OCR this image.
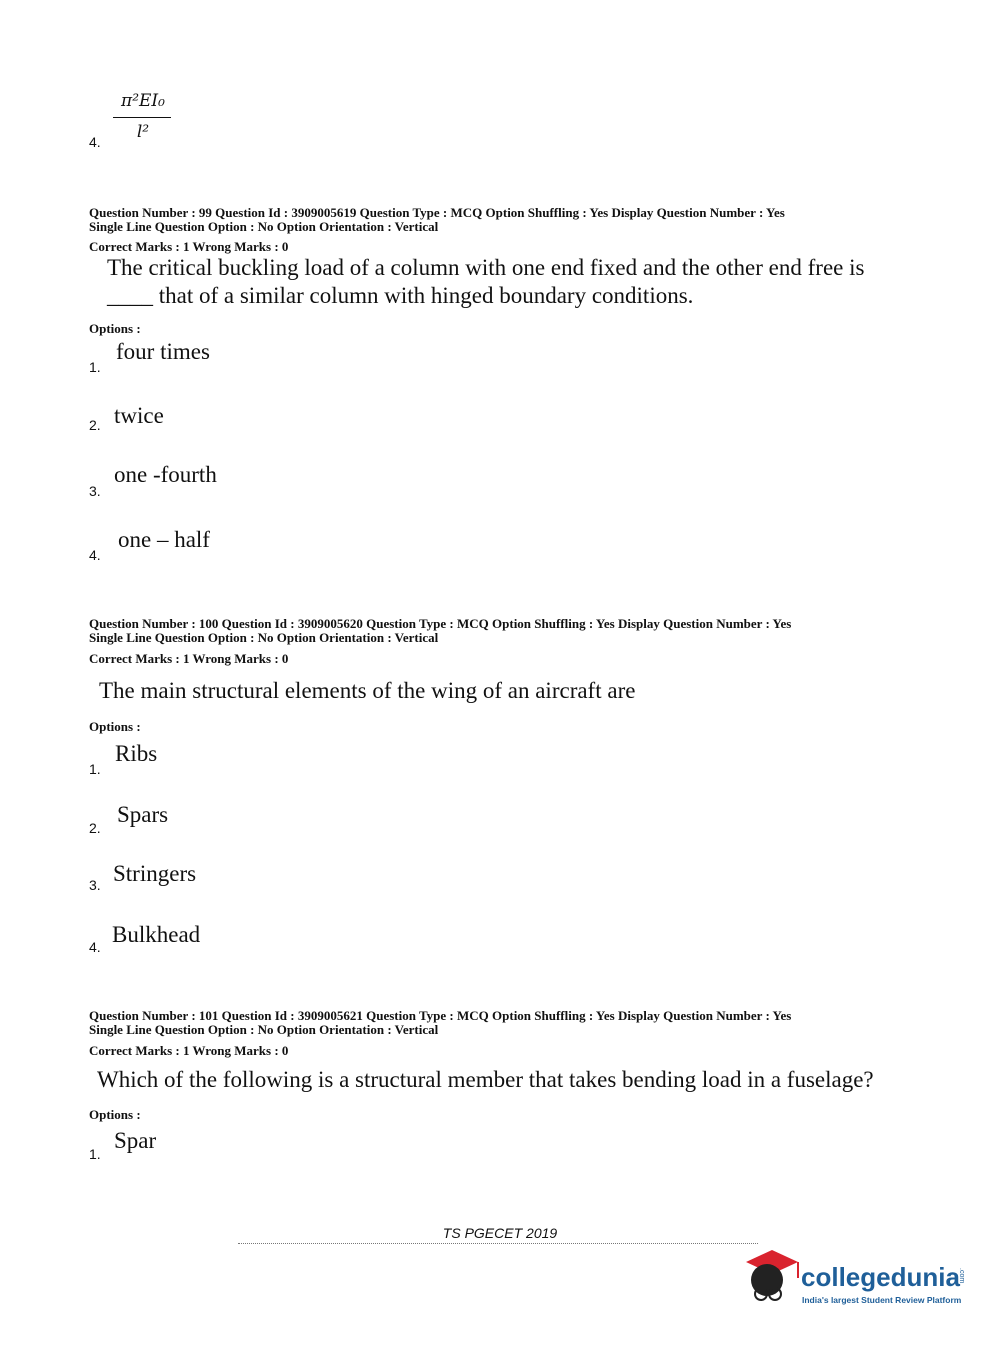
4.
π²EI₀
l²
Question Number : 99 Question Id : 3909005619 Question Type : MCQ Option Shuffling : Yes Display Question Number : Yes
Single Line Question Option : No Option Orientation : Vertical
Correct Marks : 1 Wrong Marks : 0
The critical buckling load of a column with one end fixed and the other end free is
____ that of a similar column with hinged boundary conditions.
Options :
1.
four times
2. twice
3.
one -fourth
4.
one – half
Question Number : 100 Question Id : 3909005620 Question Type : MCQ Option Shuffling : Yes Display Question Number : Yes
Single Line Question Option : No Option Orientation : Vertical
Correct Marks : 1 Wrong Marks : 0
The main structural elements of the wing of an aircraft are
Options :
1.
Ribs
2.
Spars
3. Stringers
4. Bulkhead
Question Number : 101 Question Id : 3909005621 Question Type : MCQ Option Shuffling : Yes Display Question Number : Yes
Single Line Question Option : No Option Orientation : Vertical
Correct Marks : 1 Wrong Marks : 0
Which of the following is a structural member that takes bending load in a fuselage?
Options :
1.
Spar
TS PGECET 2019
collegedunia
.com
India's largest Student Review Platform
